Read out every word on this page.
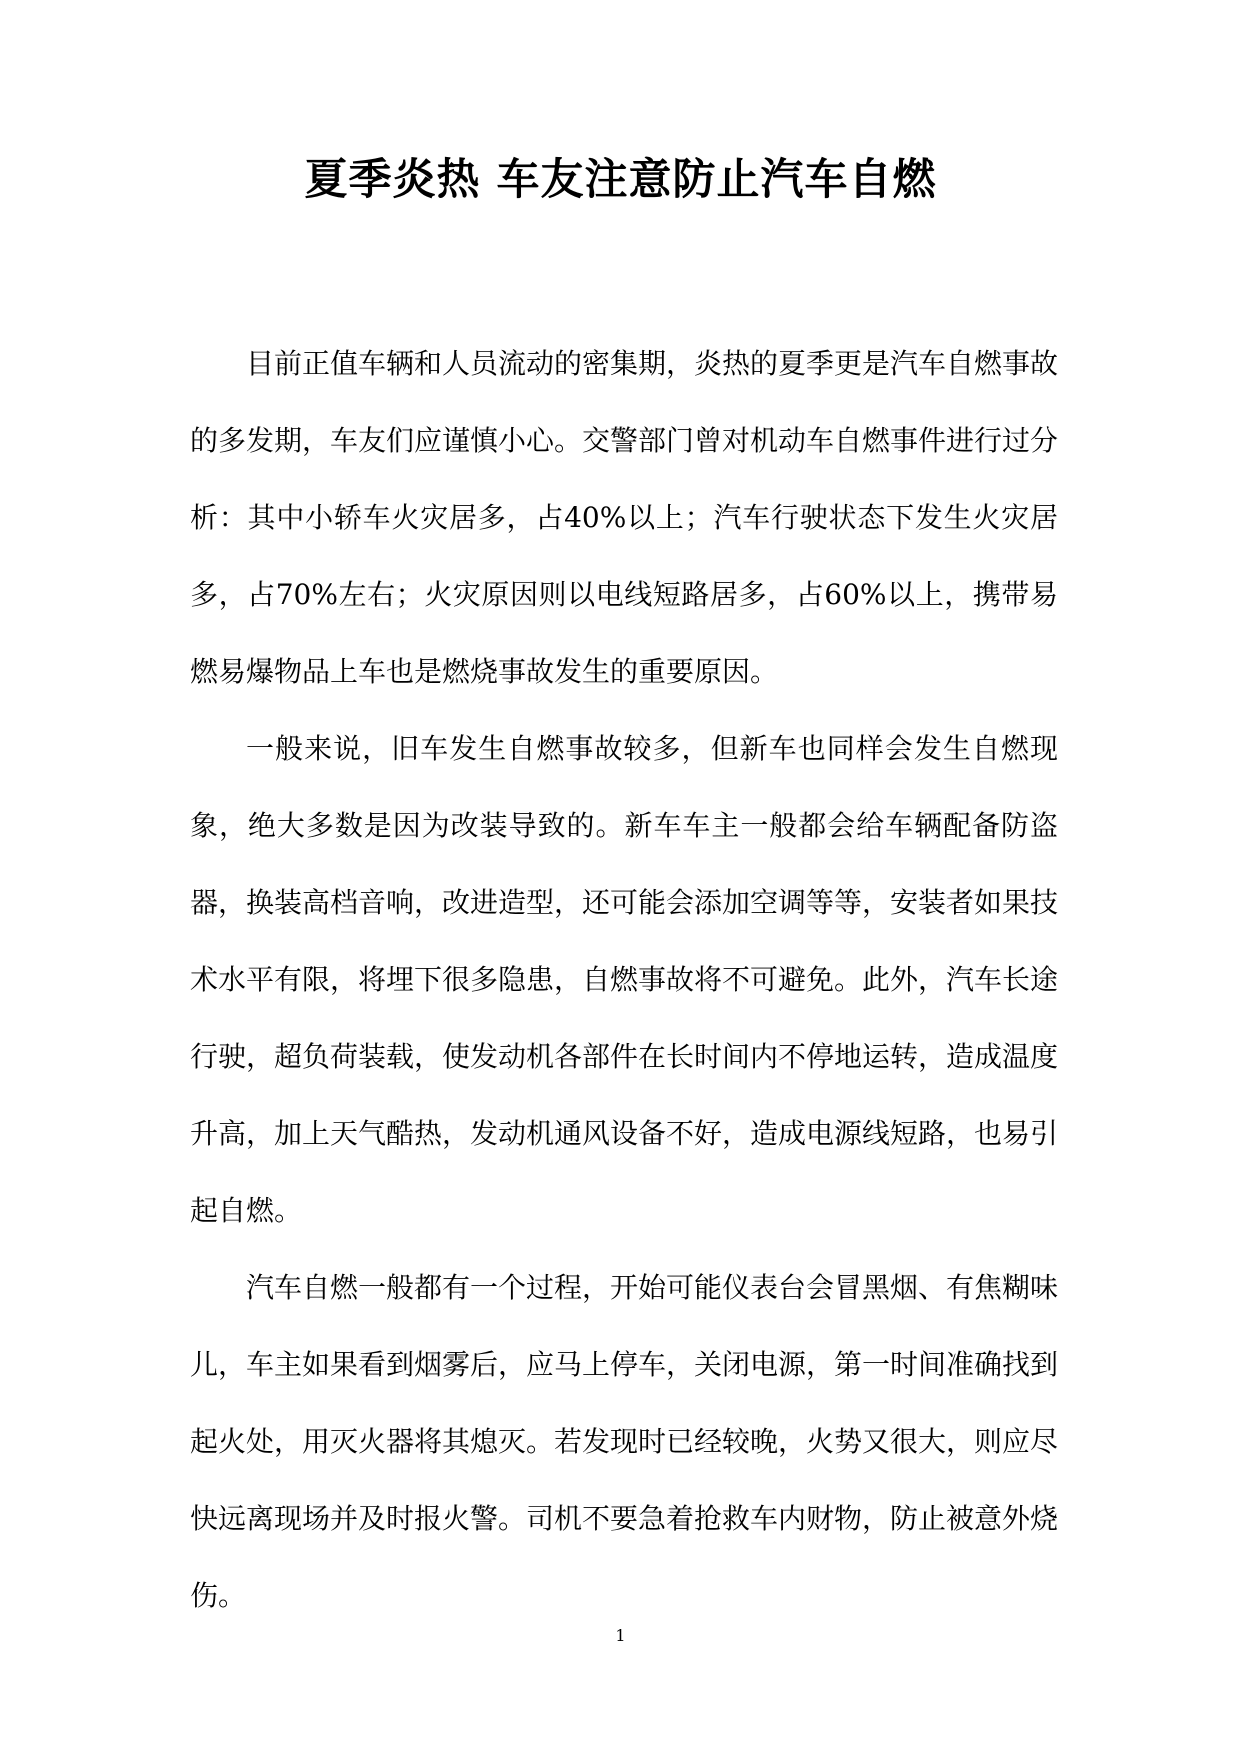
夏季炎热 车友注意防止汽车自燃

目前正值车辆和人员流动的密集期，炎热的夏季更是汽车自燃事故的多发期，车友们应谨慎小心。交警部门曾对机动车自燃事件进行过分析：其中小轿车火灾居多，占40%以上；汽车行驶状态下发生火灾居多，占70%左右；火灾原因则以电线短路居多，占60%以上，携带易燃易爆物品上车也是燃烧事故发生的重要原因。

一般来说，旧车发生自燃事故较多，但新车也同样会发生自燃现象，绝大多数是因为改装导致的。新车车主一般都会给车辆配备防盗器，换装高档音响，改进造型，还可能会添加空调等等，安装者如果技术水平有限，将埋下很多隐患，自燃事故将不可避免。此外，汽车长途行驶，超负荷装载，使发动机各部件在长时间内不停地运转，造成温度升高，加上天气酷热，发动机通风设备不好，造成电源线短路，也易引起自燃。

汽车自燃一般都有一个过程，开始可能仪表台会冒黑烟、有焦糊味儿，车主如果看到烟雾后，应马上停车，关闭电源，第一时间准确找到起火处，用灭火器将其熄灭。若发现时已经较晚，火势又很大，则应尽快远离现场并及时报火警。司机不要急着抢救车内财物，防止被意外烧伤。

1
